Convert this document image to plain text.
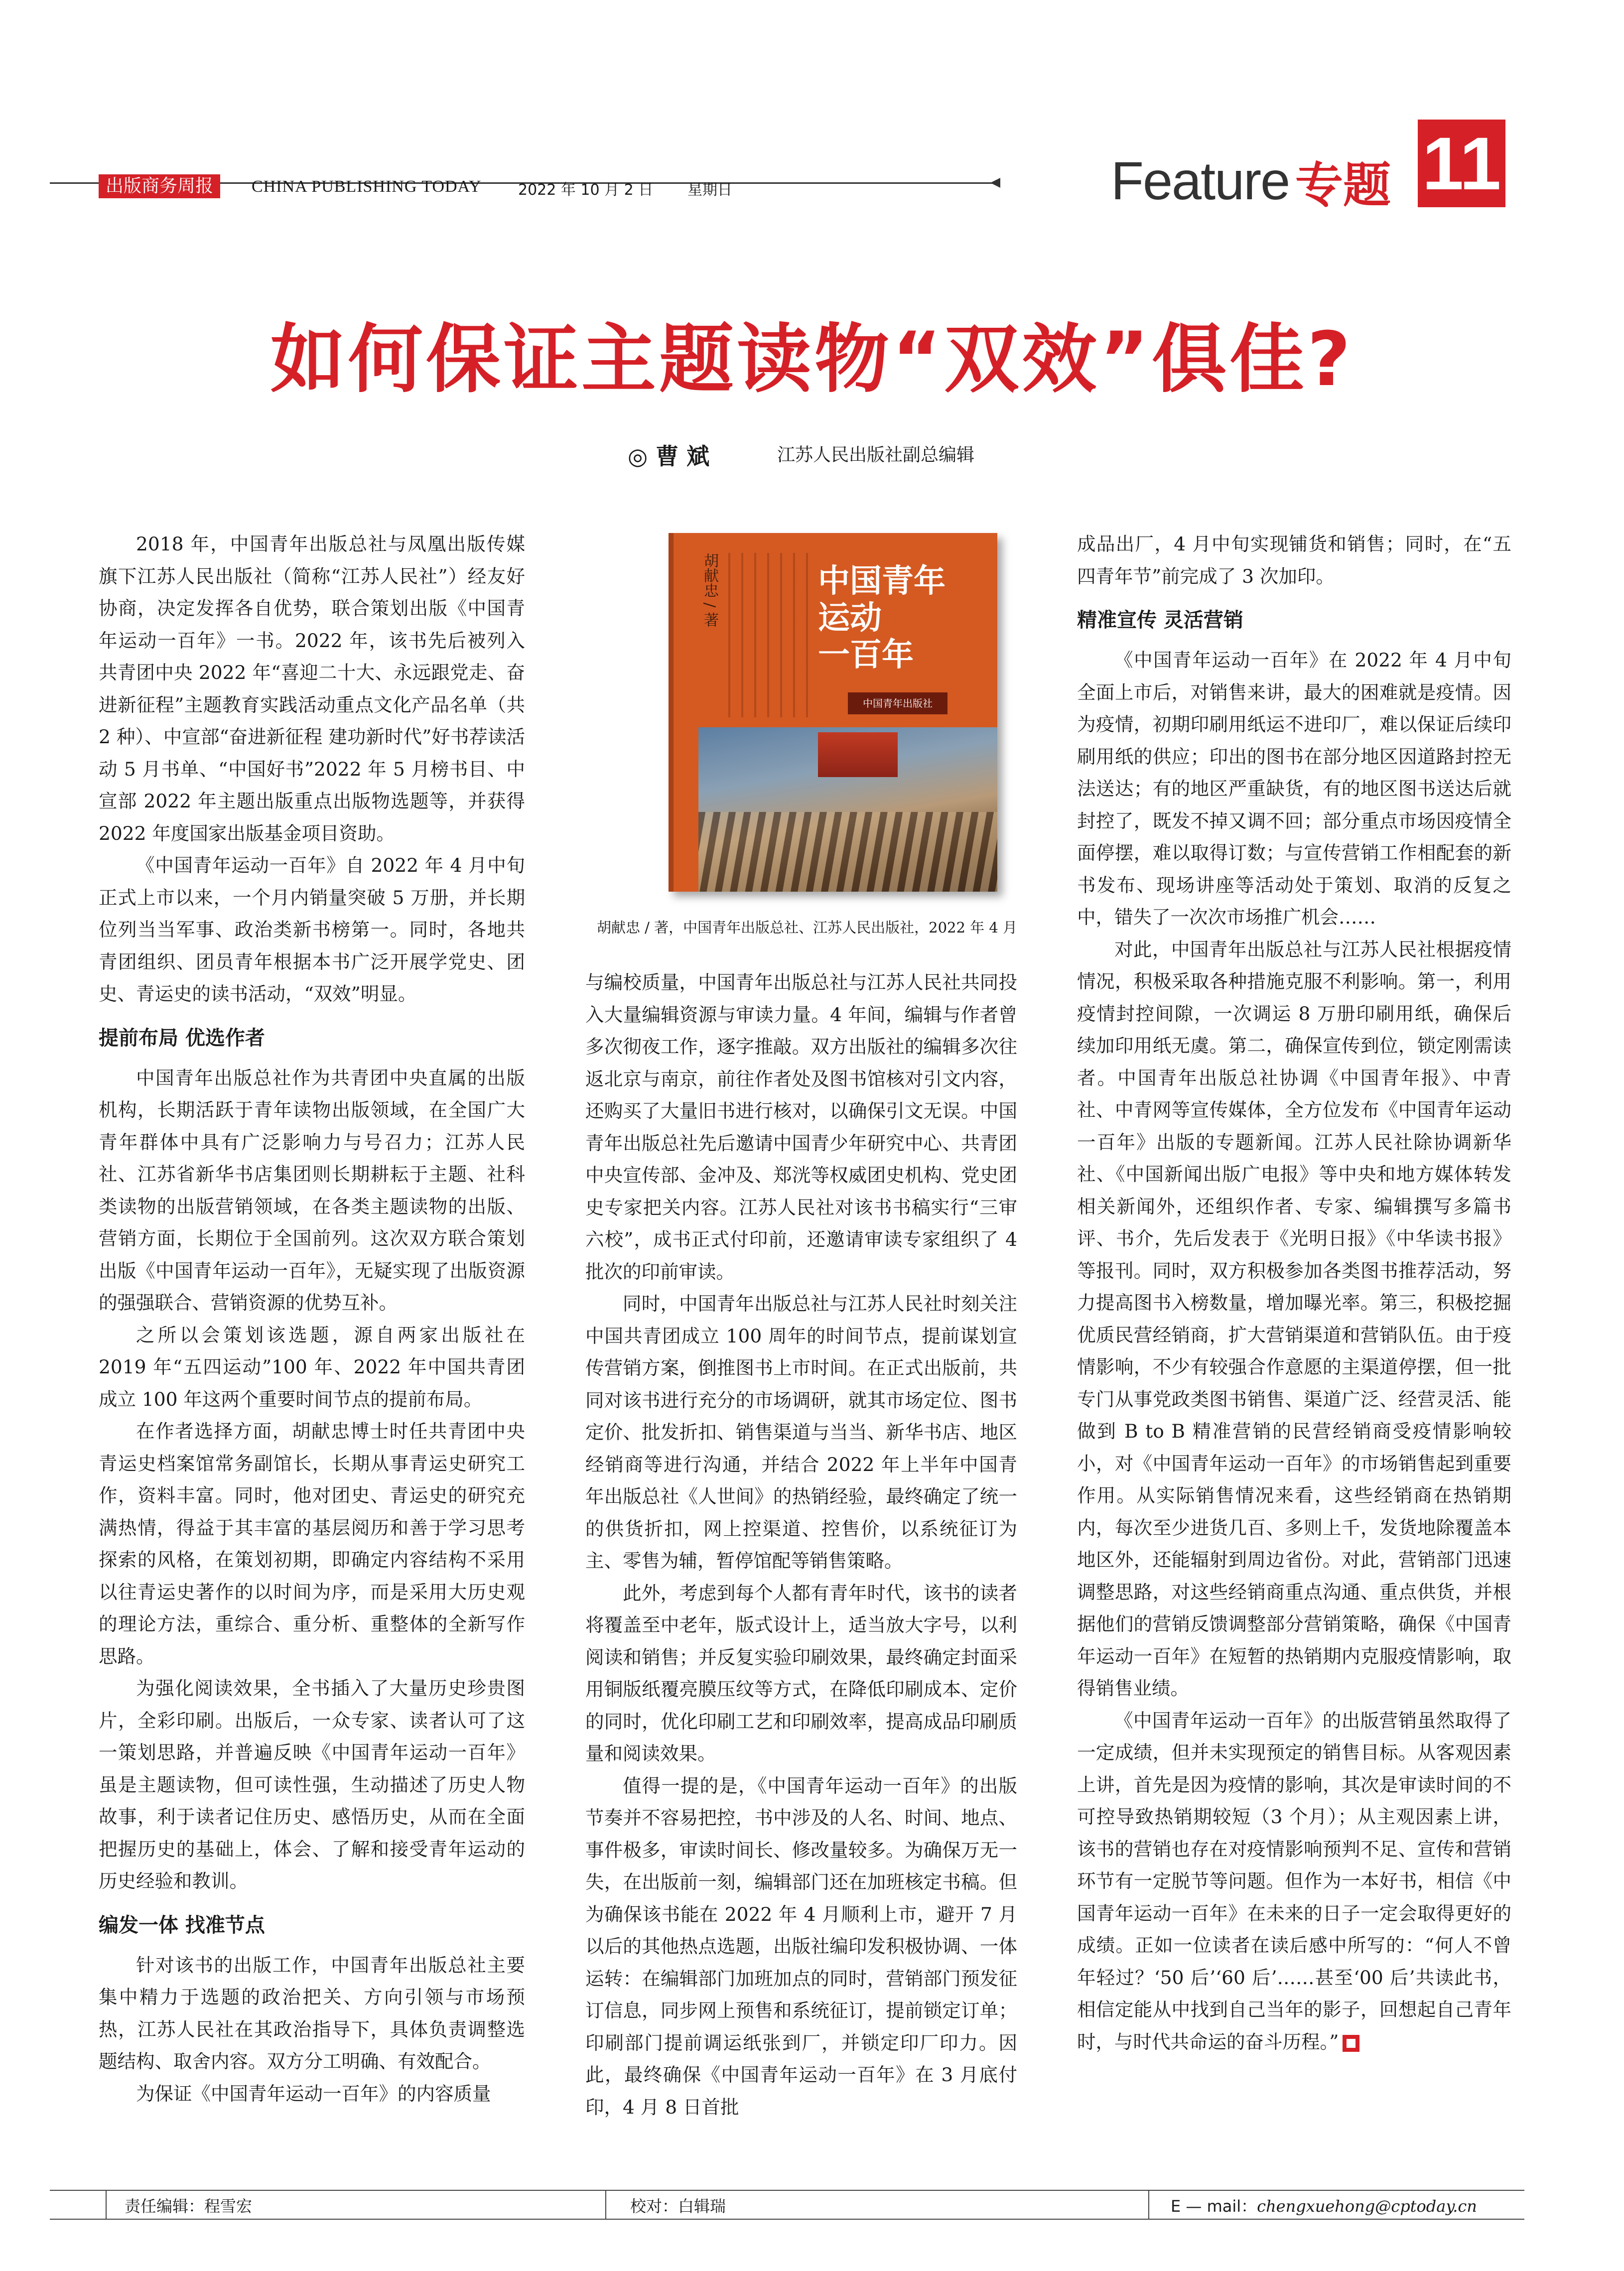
出版商务周报	CHINA PUBLISHING TODAY 2022 年 10 月 2 日 星期日	Feature 专题 11
如何保证主题读物“双效”俱佳?
◎ 曹 斌	江苏人民出版社副总编辑

2018 年，中国青年出版总社与凤凰出版传媒旗下江苏人民出版社（简称“江苏人民社”）经友好协商，决定发挥各自优势，联合策划出版《中国青年运动一百年》一书。2022 年，该书先后被列入共青团中央 2022 年“喜迎二十大、永远跟党走、奋进新征程”主题教育实践活动重点文化产品名单（共 2 种）、中宣部“奋进新征程 建功新时代”好书荐读活动 5 月书单、“中国好书”2022 年 5 月榜书目、中宣部 2022 年主题出版重点出版物选题等，并获得 2022 年度国家出版基金项目资助。

《中国青年运动一百年》自 2022 年 4 月中旬正式上市以来，一个月内销量突破 5 万册，并长期位列当当军事、政治类新书榜第一。同时，各地共青团组织、团员青年根据本书广泛开展学党史、团史、青运史的读书活动，“双效”明显。

提前布局 优选作者

中国青年出版总社作为共青团中央直属的出版机构，长期活跃于青年读物出版领域，在全国广大青年群体中具有广泛影响力与号召力；江苏人民社、江苏省新华书店集团则长期耕耘于主题、社科类读物的出版营销领域，在各类主题读物的出版、营销方面，长期位于全国前列。这次双方联合策划出版《中国青年运动一百年》，无疑实现了出版资源的强强联合、营销资源的优势互补。

之所以会策划该选题，源自两家出版社在 2019 年“五四运动”100 年、2022 年中国共青团成立 100 年这两个重要时间节点的提前布局。

在作者选择方面，胡献忠博士时任共青团中央青运史档案馆常务副馆长，长期从事青运史研究工作，资料丰富。同时，他对团史、青运史的研究充满热情，得益于其丰富的基层阅历和善于学习思考探索的风格，在策划初期，即确定内容结构不采用以往青运史著作的以时间为序，而是采用大历史观的理论方法，重综合、重分析、重整体的全新写作思路。

为强化阅读效果，全书插入了大量历史珍贵图片，全彩印刷。出版后，一众专家、读者认可了这一策划思路，并普遍反映《中国青年运动一百年》虽是主题读物，但可读性强，生动描述了历史人物故事，利于读者记住历史、感悟历史，从而在全面把握历史的基础上，体会、了解和接受青年运动的历史经验和教训。

编发一体 找准节点

针对该书的出版工作，中国青年出版总社主要集中精力于选题的政治把关、方向引领与市场预热，江苏人民社在其政治指导下，具体负责调整选题结构、取舍内容。双方分工明确、有效配合。

为保证《中国青年运动一百年》的内容质量

胡献忠 / 著	中国青年运动
一百年
中国青年出版社
胡献忠 / 著，中国青年出版总社、江苏人民出版社，2022 年 4 月

与编校质量，中国青年出版总社与江苏人民社共同投入大量编辑资源与审读力量。4 年间，编辑与作者曾多次彻夜工作，逐字推敲。双方出版社的编辑多次往返北京与南京，前往作者处及图书馆核对引文内容，还购买了大量旧书进行核对，以确保引文无误。中国青年出版总社先后邀请中国青少年研究中心、共青团中央宣传部、金冲及、郑洸等权威团史机构、党史团史专家把关内容。江苏人民社对该书书稿实行“三审六校”，成书正式付印前，还邀请审读专家组织了 4 批次的印前审读。

同时，中国青年出版总社与江苏人民社时刻关注中国共青团成立 100 周年的时间节点，提前谋划宣传营销方案，倒推图书上市时间。在正式出版前，共同对该书进行充分的市场调研，就其市场定位、图书定价、批发折扣、销售渠道与当当、新华书店、地区经销商等进行沟通，并结合 2022 年上半年中国青年出版总社《人世间》的热销经验，最终确定了统一的供货折扣，网上控渠道、控售价，以系统征订为主、零售为辅，暂停馆配等销售策略。

此外，考虑到每个人都有青年时代，该书的读者将覆盖至中老年，版式设计上，适当放大字号，以利阅读和销售；并反复实验印刷效果，最终确定封面采用铜版纸覆亮膜压纹等方式，在降低印刷成本、定价的同时，优化印刷工艺和印刷效率，提高成品印刷质量和阅读效果。

值得一提的是，《中国青年运动一百年》的出版节奏并不容易把控，书中涉及的人名、时间、地点、事件极多，审读时间长、修改量较多。为确保万无一失，在出版前一刻，编辑部门还在加班核定书稿。但为确保该书能在 2022 年 4 月顺利上市，避开 7 月以后的其他热点选题，出版社编印发积极协调、一体运转：在编辑部门加班加点的同时，营销部门预发征订信息，同步网上预售和系统征订，提前锁定订单；印刷部门提前调运纸张到厂，并锁定印厂印力。因此，最终确保《中国青年运动一百年》在 3 月底付印，4 月 8 日首批

成品出厂，4 月中旬实现铺货和销售；同时，在“五四青年节”前完成了 3 次加印。

精准宣传 灵活营销

《中国青年运动一百年》在 2022 年 4 月中旬全面上市后，对销售来讲，最大的困难就是疫情。因为疫情，初期印刷用纸运不进印厂，难以保证后续印刷用纸的供应；印出的图书在部分地区因道路封控无法送达；有的地区严重缺货，有的地区图书送达后就封控了，既发不掉又调不回；部分重点市场因疫情全面停摆，难以取得订数；与宣传营销工作相配套的新书发布、现场讲座等活动处于策划、取消的反复之中，错失了一次次市场推广机会……

对此，中国青年出版总社与江苏人民社根据疫情情况，积极采取各种措施克服不利影响。第一，利用疫情封控间隙，一次调运 8 万册印刷用纸，确保后续加印用纸无虞。第二，确保宣传到位，锁定刚需读者。中国青年出版总社协调《中国青年报》、中青社、中青网等宣传媒体，全方位发布《中国青年运动一百年》出版的专题新闻。江苏人民社除协调新华社、《中国新闻出版广电报》等中央和地方媒体转发相关新闻外，还组织作者、专家、编辑撰写多篇书评、书介，先后发表于《光明日报》《中华读书报》等报刊。同时，双方积极参加各类图书推荐活动，努力提高图书入榜数量，增加曝光率。第三，积极挖掘优质民营经销商，扩大营销渠道和营销队伍。由于疫情影响，不少有较强合作意愿的主渠道停摆，但一批专门从事党政类图书销售、渠道广泛、经营灵活、能做到 B to B 精准营销的民营经销商受疫情影响较小，对《中国青年运动一百年》的市场销售起到重要作用。从实际销售情况来看，这些经销商在热销期内，每次至少进货几百、多则上千，发货地除覆盖本地区外，还能辐射到周边省份。对此，营销部门迅速调整思路，对这些经销商重点沟通、重点供货，并根据他们的营销反馈调整部分营销策略，确保《中国青年运动一百年》在短暂的热销期内克服疫情影响，取得销售业绩。

《中国青年运动一百年》的出版营销虽然取得了一定成绩，但并未实现预定的销售目标。从客观因素上讲，首先是因为疫情的影响，其次是审读时间的不可控导致热销期较短（3 个月）；从主观因素上讲，该书的营销也存在对疫情影响预判不足、宣传和营销环节有一定脱节等问题。但作为一本好书，相信《中国青年运动一百年》在未来的日子一定会取得更好的成绩。正如一位读者在读后感中所写的：“何人不曾年轻过？‘50 后’‘60 后’……甚至‘00 后’共读此书，相信定能从中找到自己当年的影子，回想起自己青年时，与时代共命运的奋斗历程。”

责任编辑：程雪宏	校对：白辑瑞	E — mail：chengxuehong@cptoday.cn
